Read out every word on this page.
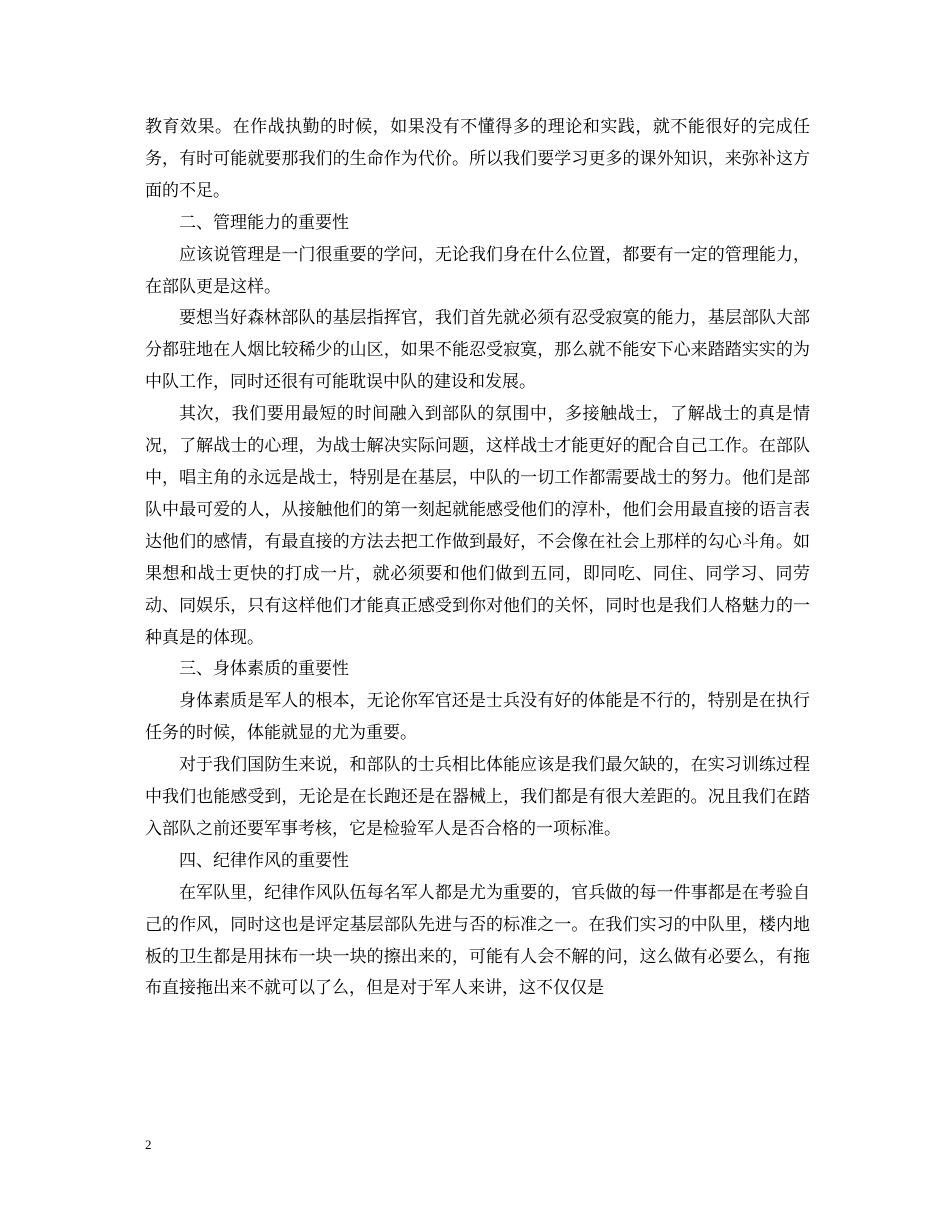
教育效果。在作战执勤的时候，如果没有不懂得多的理论和实践，就不能很好的完成任务，有时可能就要那我们的生命作为代价。所以我们要学习更多的课外知识，来弥补这方面的不足。

二、管理能力的重要性

应该说管理是一门很重要的学问，无论我们身在什么位置，都要有一定的管理能力，在部队更是这样。

要想当好森林部队的基层指挥官，我们首先就必须有忍受寂寞的能力，基层部队大部分都驻地在人烟比较稀少的山区，如果不能忍受寂寞，那么就不能安下心来踏踏实实的为中队工作，同时还很有可能耽误中队的建设和发展。

其次，我们要用最短的时间融入到部队的氛围中，多接触战士，了解战士的真是情况，了解战士的心理，为战士解决实际问题，这样战士才能更好的配合自己工作。在部队中，唱主角的永远是战士，特别是在基层，中队的一切工作都需要战士的努力。他们是部队中最可爱的人，从接触他们的第一刻起就能感受他们的淳朴，他们会用最直接的语言表达他们的感情，有最直接的方法去把工作做到最好，不会像在社会上那样的勾心斗角。如果想和战士更快的打成一片，就必须要和他们做到五同，即同吃、同住、同学习、同劳动、同娱乐，只有这样他们才能真正感受到你对他们的关怀，同时也是我们人格魅力的一种真是的体现。

三、身体素质的重要性

身体素质是军人的根本，无论你军官还是士兵没有好的体能是不行的，特别是在执行任务的时候，体能就显的尤为重要。

对于我们国防生来说，和部队的士兵相比体能应该是我们最欠缺的，在实习训练过程中我们也能感受到，无论是在长跑还是在器械上，我们都是有很大差距的。况且我们在踏入部队之前还要军事考核，它是检验军人是否合格的一项标准。

四、纪律作风的重要性

在军队里，纪律作风队伍每名军人都是尤为重要的，官兵做的每一件事都是在考验自己的作风，同时这也是评定基层部队先进与否的标准之一。在我们实习的中队里，楼内地板的卫生都是用抹布一块一块的擦出来的，可能有人会不解的问，这么做有必要么，有拖布直接拖出来不就可以了么，但是对于军人来讲，这不仅仅是

2
